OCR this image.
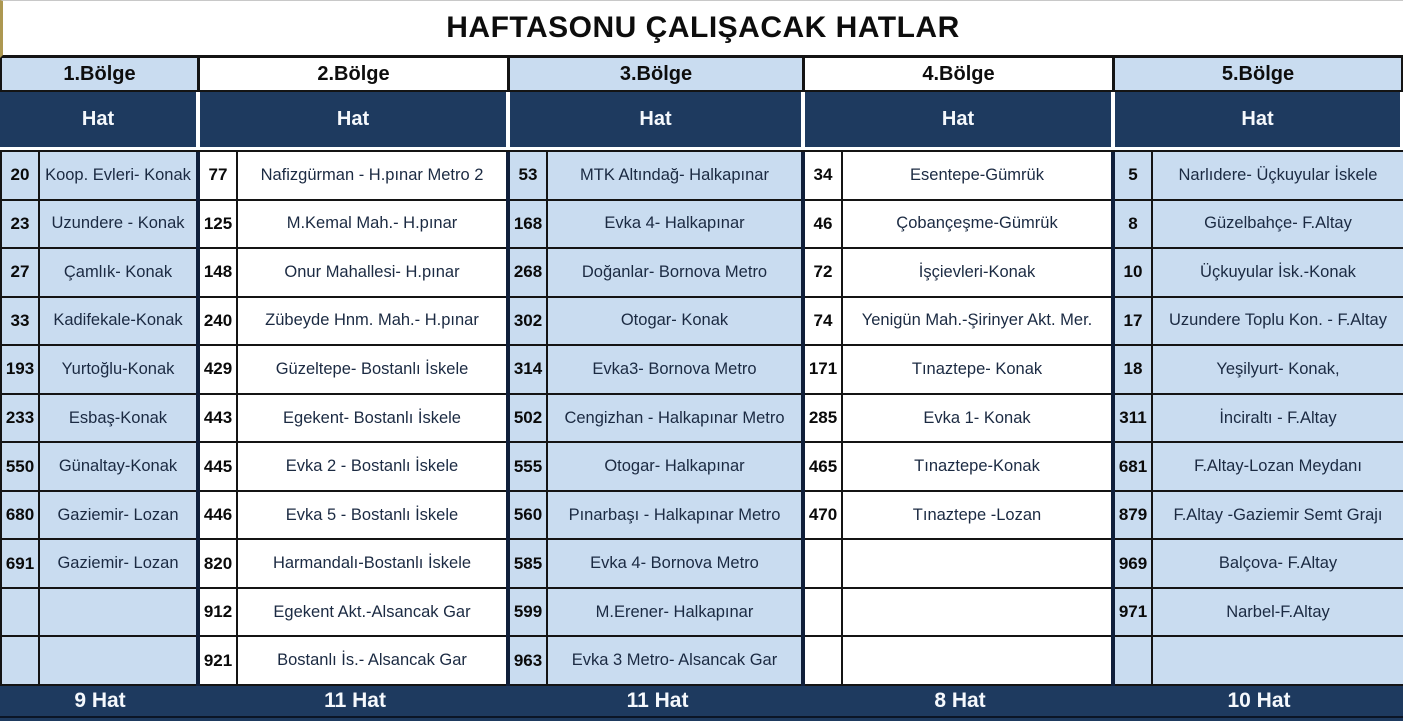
HAFTASONU ÇALIŞACAK HATLAR
1.Bölge	2.Bölge	3.Bölge	4.Bölge	5.Bölge
Hat	Hat	Hat	Hat	Hat
20 Koop. Evleri- Konak
23	Uzundere - Konak
27	Çamlık- Konak
33	Kadifekale-Konak
193	Yurtoğlu-Konak
233	Esbaş-Konak
550	Günaltay-Konak
680	Gaziemir- Lozan
691	Gaziemir- Lozan
77	Nafizgürman - H.pınar Metro 2
125	M.Kemal Mah.- H.pınar
148	Onur Mahallesi- H.pınar
240	Zübeyde Hnm. Mah.- H.pınar
429	Güzeltepe- Bostanlı İskele
443	Egekent- Bostanlı İskele
445	Evka 2 - Bostanlı İskele
446	Evka 5 - Bostanlı İskele
820	Harmandalı-Bostanlı İskele
912	Egekent Akt.-Alsancak Gar
921	Bostanlı İs.- Alsancak Gar
53	MTK Altındağ- Halkapınar
168	Evka 4- Halkapınar
268	Doğanlar- Bornova Metro
302	Otogar- Konak
314	Evka3- Bornova Metro
502	Cengizhan - Halkapınar Metro
555	Otogar- Halkapınar
560	Pınarbaşı - Halkapınar Metro
585	Evka 4- Bornova Metro
599	M.Erener- Halkapınar
963	Evka 3 Metro- Alsancak Gar
34	Esentepe-Gümrük
46	Çobançeşme-Gümrük
72	İşçievleri-Konak
74	Yenigün Mah.-Şirinyer Akt. Mer.
171	Tınaztepe- Konak
285	Evka 1- Konak
465	Tınaztepe-Konak
470	Tınaztepe -Lozan
5	Narlıdere- Üçkuyular İskele
8	Güzelbahçe- F.Altay
10	Üçkuyular İsk.-Konak
17	Uzundere Toplu Kon. - F.Altay
18	Yeşilyurt- Konak,
311	İnciraltı - F.Altay
681	F.Altay-Lozan Meydanı
879	F.Altay -Gaziemir Semt Grajı
969	Balçova- F.Altay
971	Narbel-F.Altay
9 Hat	11 Hat	11 Hat	8 Hat	10 Hat
